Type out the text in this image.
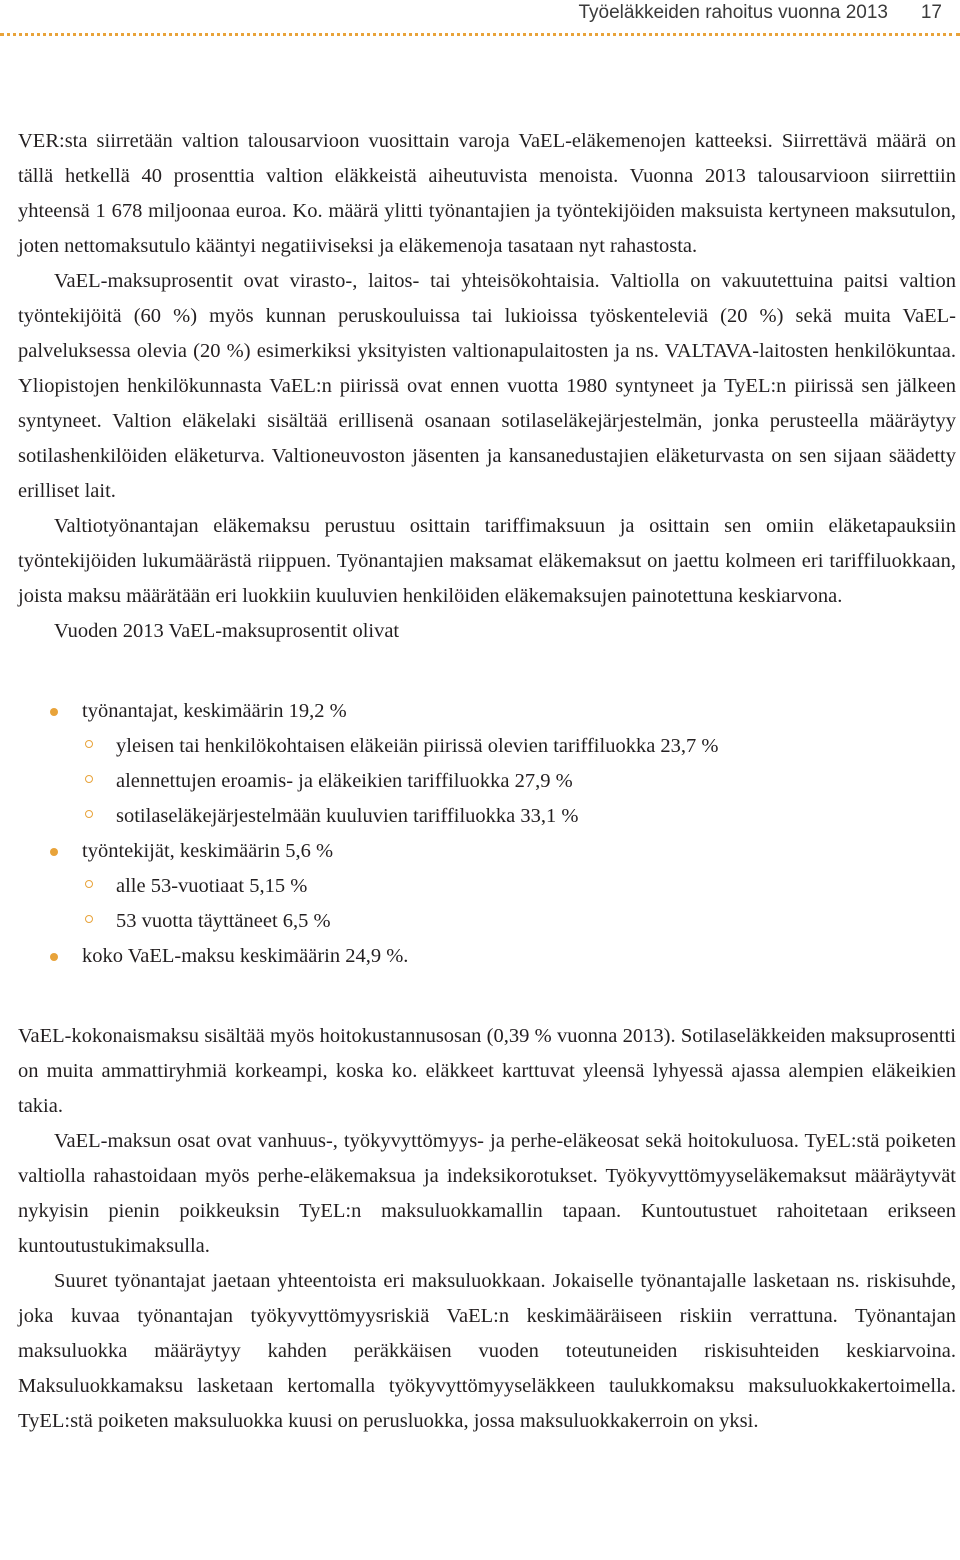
Työeläkkeiden rahoitus vuonna 2013 17

VER:sta siirretään valtion talousarvioon vuosittain varoja VaEL-eläkemenojen katteeksi. Siirrettävä määrä on tällä hetkellä 40 prosenttia valtion eläkkeistä aiheutuvista menoista. Vuonna 2013 talousarvioon siirrettiin yhteensä 1 678 miljoonaa euroa. Ko. määrä ylitti työnantajien ja työntekijöiden maksuista kertyneen maksutulon, joten nettomaksutulo kääntyi negatiiviseksi ja eläkemenoja tasataan nyt rahastosta.

VaEL-maksuprosentit ovat virasto-, laitos- tai yhteisökohtaisia. Valtiolla on vakuutettuina paitsi valtion työntekijöitä (60 %) myös kunnan peruskouluissa tai lukioissa työskenteleviä (20 %) sekä muita VaEL-palveluksessa olevia (20 %) esimerkiksi yksityisten valtionapulaitosten ja ns. VALTAVA-laitosten henkilökuntaa. Yliopistojen henkilökunnasta VaEL:n piirissä ovat ennen vuotta 1980 syntyneet ja TyEL:n piirissä sen jälkeen syntyneet. Valtion eläkelaki sisältää erillisenä osanaan sotilaseläkejärjestelmän, jonka perusteella määräytyy sotilashenkilöiden eläketurva. Valtioneuvoston jäsenten ja kansanedustajien eläketurvasta on sen sijaan säädetty erilliset lait.

Valtiotyönantajan eläkemaksu perustuu osittain tariffimaksuun ja osittain sen omiin eläketapauksiin työntekijöiden lukumäärästä riippuen. Työnantajien maksamat eläkemaksut on jaettu kolmeen eri tariffiluokkaan, joista maksu määrätään eri luokkiin kuuluvien henkilöiden eläkemaksujen painotettuna keskiarvona.

Vuoden 2013 VaEL-maksuprosentit olivat

työnantajat, keskimäärin 19,2 %
yleisen tai henkilökohtaisen eläkeiän piirissä olevien tariffiluokka 23,7 %
alennettujen eroamis- ja eläkeikien tariffiluokka 27,9 %
sotilaseläkejärjestelmään kuuluvien tariffiluokka 33,1 %
työntekijät, keskimäärin 5,6 %
alle 53-vuotiaat 5,15 %
53 vuotta täyttäneet 6,5 %
koko VaEL-maksu keskimäärin 24,9 %.

VaEL-kokonaismaksu sisältää myös hoitokustannusosan (0,39 % vuonna 2013). Sotilaseläkkeiden maksuprosentti on muita ammattiryhmiä korkeampi, koska ko. eläkkeet karttuvat yleensä lyhyessä ajassa alempien eläkeikien takia.

VaEL-maksun osat ovat vanhuus-, työkyvyttömyys- ja perhe-eläkeosat sekä hoitokuluosa. TyEL:stä poiketen valtiolla rahastoidaan myös perhe-eläkemaksua ja indeksikorotukset. Työkyvyttömyyseläkemaksut määräytyvät nykyisin pienin poikkeuksin TyEL:n maksuluokkamallin tapaan. Kuntoutustuet rahoitetaan erikseen kuntoutustukimaksulla.

Suuret työnantajat jaetaan yhteentoista eri maksuluokkaan. Jokaiselle työnantajalle lasketaan ns. riskisuhde, joka kuvaa työnantajan työkyvyttömyysriskiä VaEL:n keskimääräiseen riskiin verrattuna. Työnantajan maksuluokka määräytyy kahden peräkkäisen vuoden toteutuneiden riskisuhteiden keskiarvoina. Maksuluokkamaksu lasketaan kertomalla työkyvyttömyyseläkkeen taulukkomaksu maksuluokkakertoimella. TyEL:stä poiketen maksuluokka kuusi on perusluokka, jossa maksuluokkakerroin on yksi.
